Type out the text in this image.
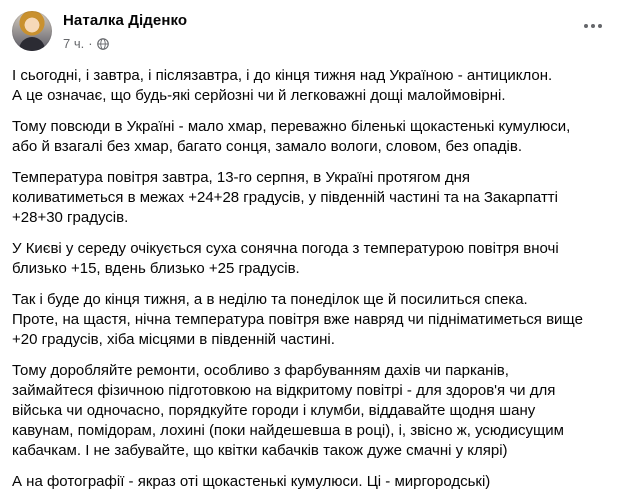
Наталка Діденко
7 ч. ·

І сьогодні, і завтра, і післязавтра, і до кінця тижня над Україною - антициклон.
А це означає, що будь-які серйозні чи й легковажні дощі малоймовірні.

Тому повсюди в Україні - мало хмар, переважно біленькі щокастенькі кумулюси,
або й взагалі без хмар, багато сонця, замало вологи, словом, без опадів.

Температура повітря завтра, 13-го серпня, в Україні протягом дня
коливатиметься в межах +24+28 градусів, у південній частині та на Закарпатті
+28+30 градусів.

У Києві у середу очікується суха сонячна погода з температурою повітря вночі
близько +15, вдень близько +25 градусів.

Так і буде до кінця тижня, а в неділю та понеділок ще й посилиться спека.
Проте, на щастя, нічна температура повітря вже навряд чи підніматиметься вище
+20 градусів, хіба місцями в південній частині.

Тому доробляйте ремонти, особливо з фарбуванням дахів чи парканів,
займайтеся фізичною підготовкою на відкритому повітрі - для здоров'я чи для
війська чи одночасно, порядкуйте городи і клумби, віддавайте щодня шану
кавунам, помідорам, лохині (поки найдешевша в році), і, звісно ж, усюдисущим
кабачкам. І не забувайте, що квітки кабачків також дуже смачні у клярі)

А на фотографії - якраз оті щокастенькі кумулюси. Ці - миргородські)
